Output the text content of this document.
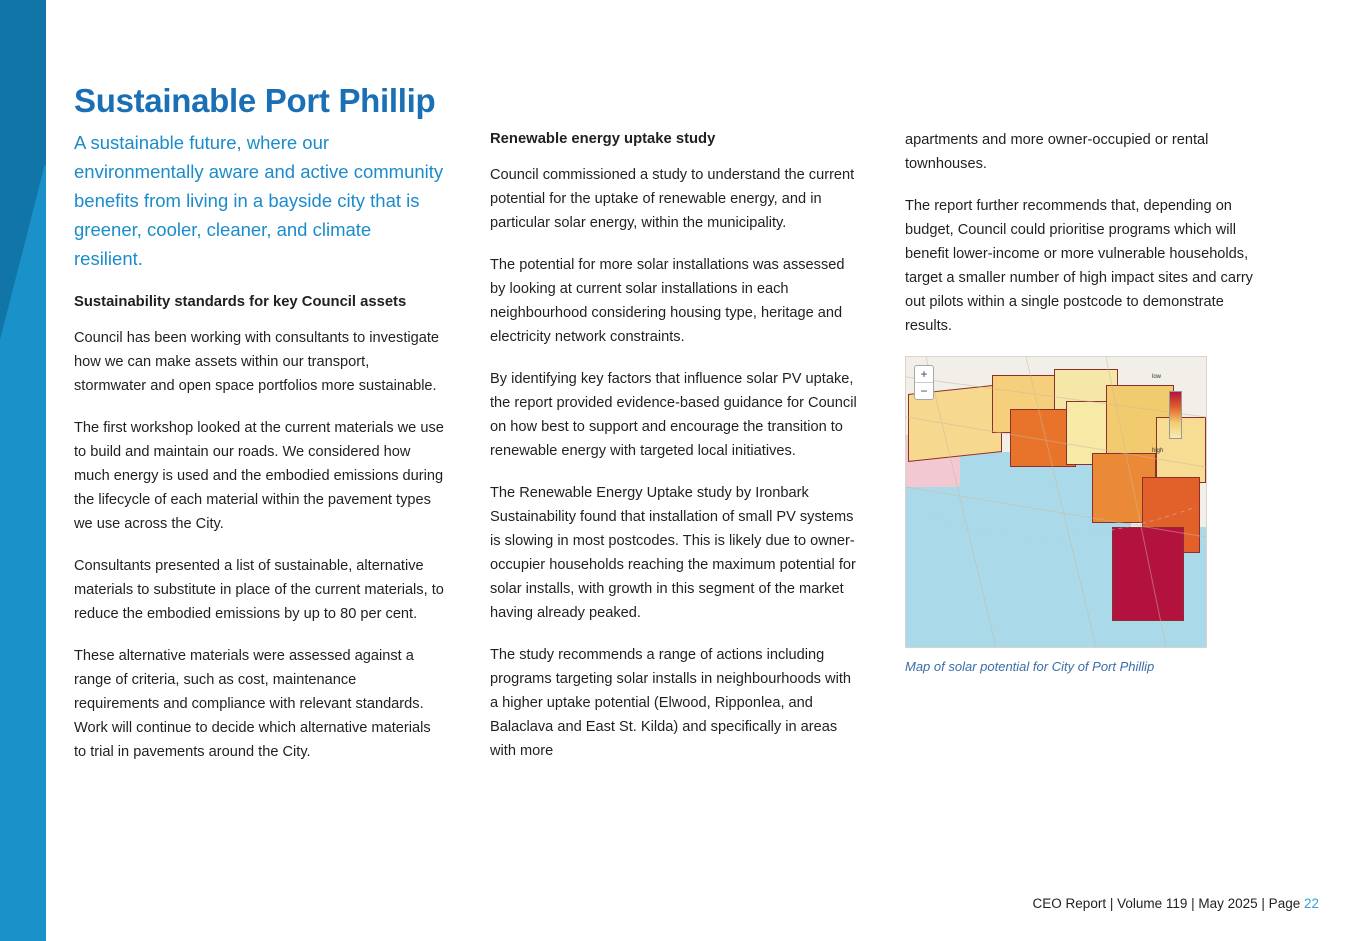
Sustainable Port Phillip

A sustainable future, where our environmentally aware and active community benefits from living in a bayside city that is greener, cooler, cleaner, and climate resilient.

Sustainability standards for key Council assets

Council has been working with consultants to investigate how we can make assets within our transport, stormwater and open space portfolios more sustainable.

The first workshop looked at the current materials we use to build and maintain our roads. We considered how much energy is used and the embodied emissions during the lifecycle of each material within the pavement types we use across the City.

Consultants presented a list of sustainable, alternative materials to substitute in place of the current materials, to reduce the embodied emissions by up to 80 per cent.

These alternative materials were assessed against a range of criteria, such as cost, maintenance requirements and compliance with relevant standards. Work will continue to decide which alternative materials to trial in pavements around the City.

Renewable energy uptake study

Council commissioned a study to understand the current potential for the uptake of renewable energy, and in particular solar energy, within the municipality.

The potential for more solar installations was assessed by looking at current solar installations in each neighbourhood considering housing type, heritage and electricity network constraints.

By identifying key factors that influence solar PV uptake, the report provided evidence-based guidance for Council on how best to support and encourage the transition to renewable energy with targeted local initiatives.

The Renewable Energy Uptake study by Ironbark Sustainability found that installation of small PV systems is slowing in most postcodes. This is likely due to owner-occupier households reaching the maximum potential for solar installs, with growth in this segment of the market having already peaked.

The study recommends a range of actions including programs targeting solar installs in neighbourhoods with a higher uptake potential (Elwood, Ripponlea, and Balaclava and East St. Kilda) and specifically in areas with more

apartments and more owner-occupied or rental townhouses.

The report further recommends that, depending on budget, Council could prioritise programs which will benefit lower-income or more vulnerable households, target a smaller number of high impact sites and carry out pilots within a single postcode to demonstrate results.

+
−
low
high
Map of solar potential for City of Port Phillip
CEO Report | Volume 119 | May 2025 | Page 22
